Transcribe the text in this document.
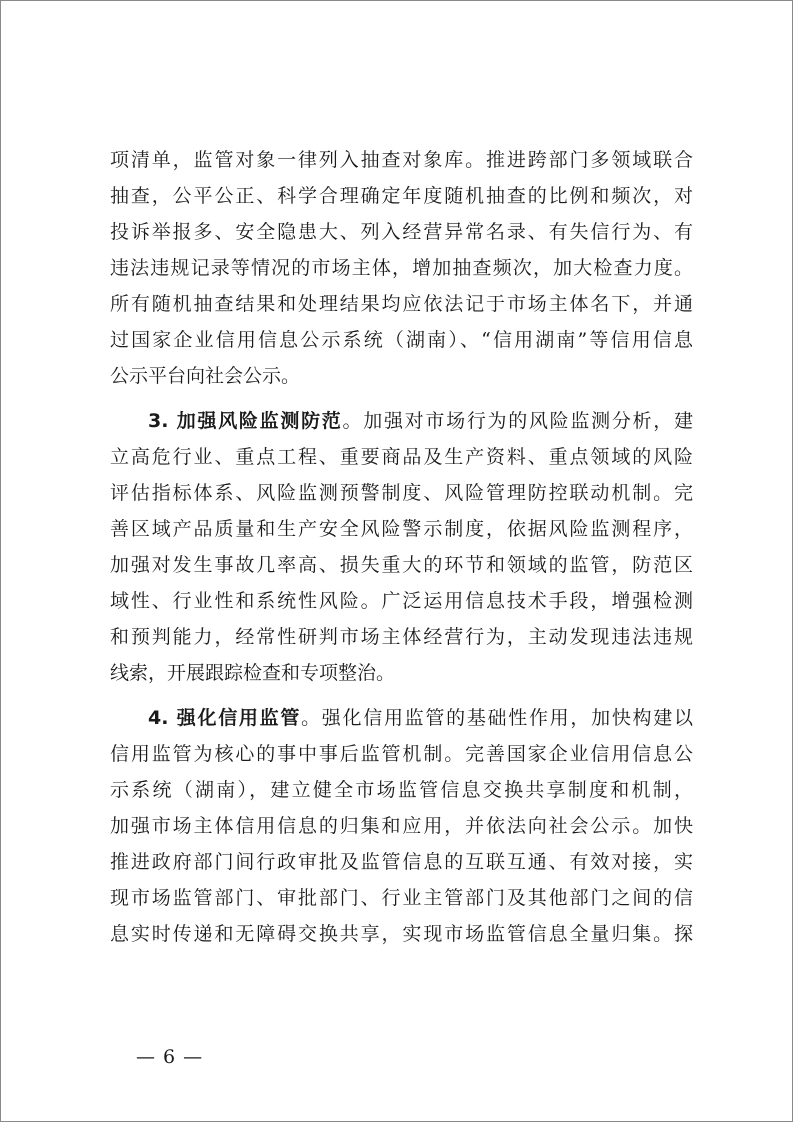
项清单，监管对象一律列入抽查对象库。推进跨部门多领域联合
抽查，公平公正、科学合理确定年度随机抽查的比例和频次，对
投诉举报多、安全隐患大、列入经营异常名录、有失信行为、有
违法违规记录等情况的市场主体，增加抽查频次，加大检查力度。
所有随机抽查结果和处理结果均应依法记于市场主体名下，并通
过国家企业信用信息公示系统（湖南）、“信用湖南”等信用信息
公示平台向社会公示。
3. 加强风险监测防范。加强对市场行为的风险监测分析，建
立高危行业、重点工程、重要商品及生产资料、重点领域的风险
评估指标体系、风险监测预警制度、风险管理防控联动机制。完
善区域产品质量和生产安全风险警示制度，依据风险监测程序，
加强对发生事故几率高、损失重大的环节和领域的监管，防范区
域性、行业性和系统性风险。广泛运用信息技术手段，增强检测
和预判能力，经常性研判市场主体经营行为，主动发现违法违规
线索，开展跟踪检查和专项整治。
4. 强化信用监管。强化信用监管的基础性作用，加快构建以
信用监管为核心的事中事后监管机制。完善国家企业信用信息公
示系统（湖南），建立健全市场监管信息交换共享制度和机制，
加强市场主体信用信息的归集和应用，并依法向社会公示。加快
推进政府部门间行政审批及监管信息的互联互通、有效对接，实
现市场监管部门、审批部门、行业主管部门及其他部门之间的信
息实时传递和无障碍交换共享，实现市场监管信息全量归集。探
— 6 —
